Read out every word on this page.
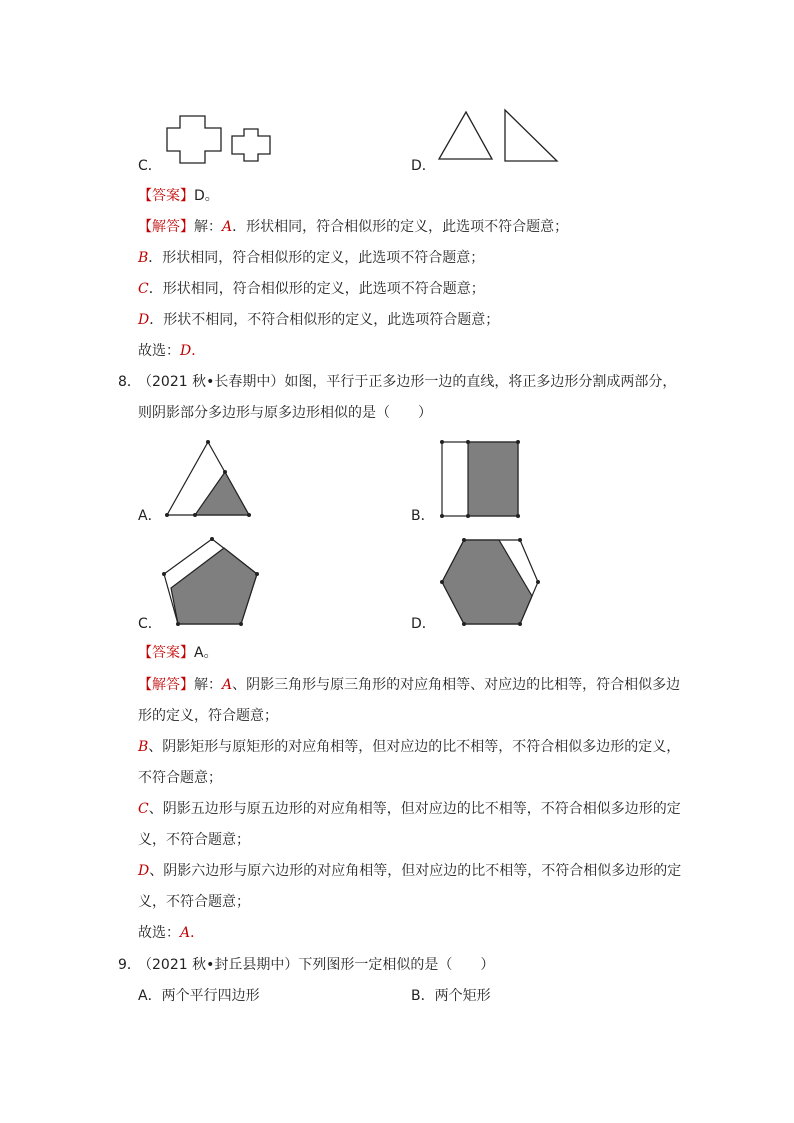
C．	D．
【答案】D。
【解答】解：A．形状相同，符合相似形的定义，此选项不符合题意；
B．形状相同，符合相似形的定义，此选项不符合题意；
C．形状相同，符合相似形的定义，此选项不符合题意；
D．形状不相同，不符合相似形的定义，此选项符合题意；
故选：D．
8．
（2021 秋•长春期中）如图，平行于正多边形一边的直线，将正多边形分割成两部分，
则阴影部分多边形与原多边形相似的是（　　）
A．	B．
C．	D．
【答案】A。
【解答】解：A、阴影三角形与原三角形的对应角相等、对应边的比相等，符合相似多边
形的定义，符合题意；
B、阴影矩形与原矩形的对应角相等，但对应边的比不相等，不符合相似多边形的定义，
不符合题意；
C、阴影五边形与原五边形的对应角相等，但对应边的比不相等，不符合相似多边形的定
义，不符合题意；
D、阴影六边形与原六边形的对应角相等，但对应边的比不相等，不符合相似多边形的定
义，不符合题意；
故选：A．
9．
（2021 秋•封丘县期中）下列图形一定相似的是（　　）
A．两个平行四边形	B．两个矩形
